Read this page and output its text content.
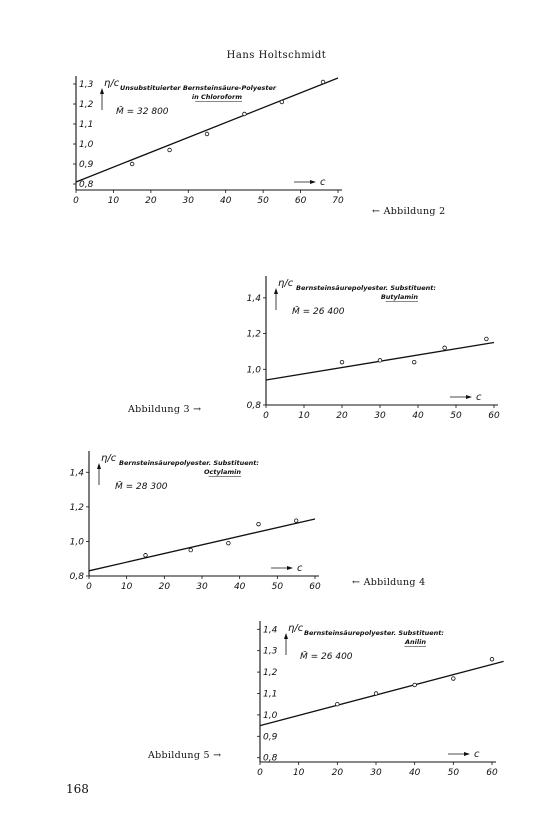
Hans Holtschmidt
0	10	20	30	40	50	60	70
0,8
0,9
1,0
1,1
1,2
1,3 η/c
c
Unsubstituierter Bernsteinsäure-Polyester
in Chloroform
M̄ = 32 800
← Abbildung 2
0	10	20	30	40	50	60
0,8
1,0
1,2
1,4
η/c
c
Bernsteinsäurepolyester. Substituent:
Butylamin
M̄ = 26 400
Abbildung 3 →
0	10	20	30	40	50	60
0,8
1,0
1,2
1,4
η/c
c
Bernsteinsäurepolyester. Substituent:
Octylamin
M̄ = 28 300
← Abbildung 4
0	10	20	30	40	50	60
0,8
0,9
1,0
1,1
1,2
1,3
1,4 η/c
c
Bernsteinsäurepolyester. Substituent:
Anilin
M̄ = 26 400
Abbildung 5 →
168
